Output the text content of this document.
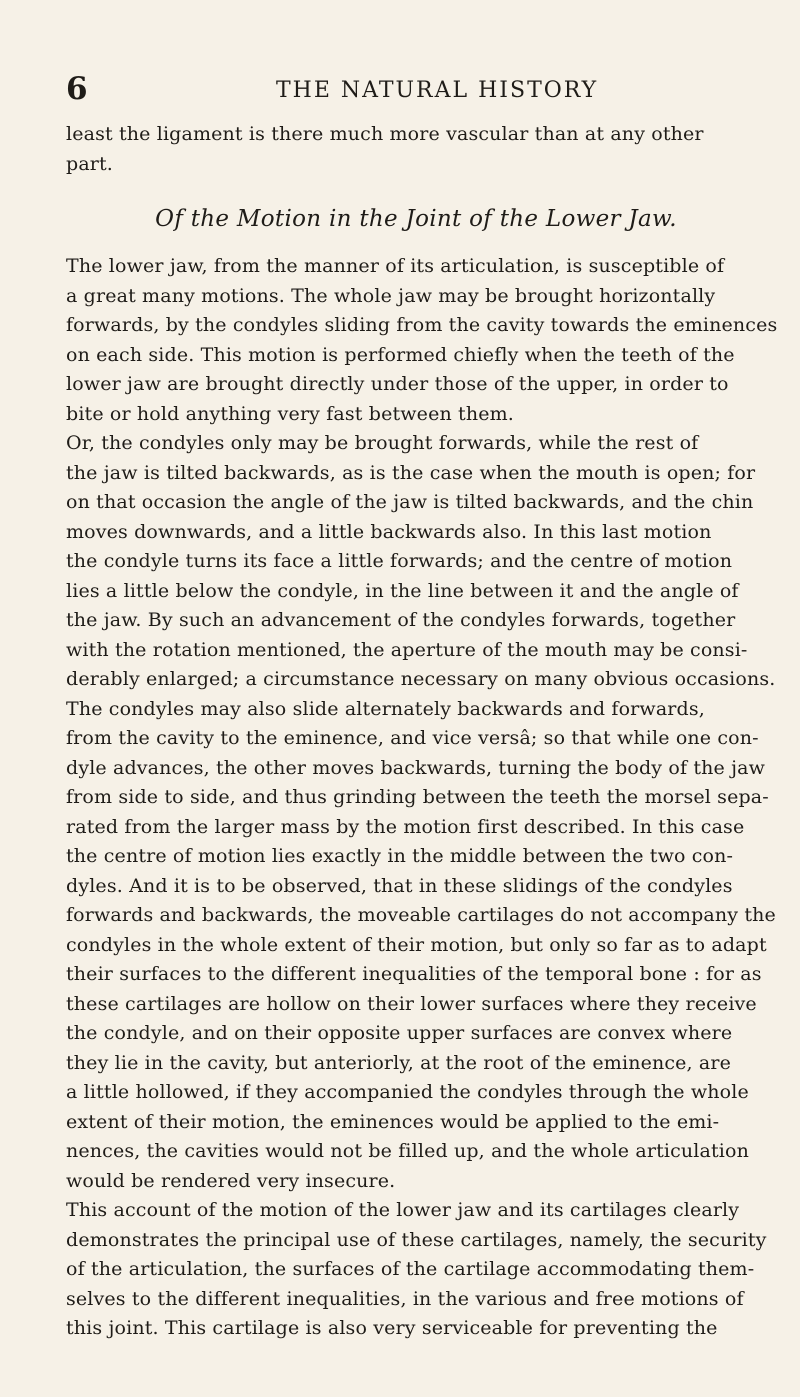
6	THE NATURAL HISTORY
least the ligament is there much more vascular than at any other
part.
Of the Motion in the Joint of the Lower Jaw.
The lower jaw, from the manner of its articulation, is susceptible of
a great many motions. The whole jaw may be brought horizontally
forwards, by the condyles sliding from the cavity towards the eminences
on each side. This motion is performed chiefly when the teeth of the
lower jaw are brought directly under those of the upper, in order to
bite or hold anything very fast between them.
Or, the condyles only may be brought forwards, while the rest of
the jaw is tilted backwards, as is the case when the mouth is open; for
on that occasion the angle of the jaw is tilted backwards, and the chin
moves downwards, and a little backwards also. In this last motion
the condyle turns its face a little forwards; and the centre of motion
lies a little below the condyle, in the line between it and the angle of
the jaw. By such an advancement of the condyles forwards, together
with the rotation mentioned, the aperture of the mouth may be consi-
derably enlarged; a circumstance necessary on many obvious occasions.
The condyles may also slide alternately backwards and forwards,
from the cavity to the eminence, and vice versâ; so that while one con-
dyle advances, the other moves backwards, turning the body of the jaw
from side to side, and thus grinding between the teeth the morsel sepa-
rated from the larger mass by the motion first described. In this case
the centre of motion lies exactly in the middle between the two con-
dyles. And it is to be observed, that in these slidings of the condyles
forwards and backwards, the moveable cartilages do not accompany the
condyles in the whole extent of their motion, but only so far as to adapt
their surfaces to the different inequalities of the temporal bone : for as
these cartilages are hollow on their lower surfaces where they receive
the condyle, and on their opposite upper surfaces are convex where
they lie in the cavity, but anteriorly, at the root of the eminence, are
a little hollowed, if they accompanied the condyles through the whole
extent of their motion, the eminences would be applied to the emi-
nences, the cavities would not be filled up, and the whole articulation
would be rendered very insecure.
This account of the motion of the lower jaw and its cartilages clearly
demonstrates the principal use of these cartilages, namely, the security
of the articulation, the surfaces of the cartilage accommodating them-
selves to the different inequalities, in the various and free motions of
this joint. This cartilage is also very serviceable for preventing the
